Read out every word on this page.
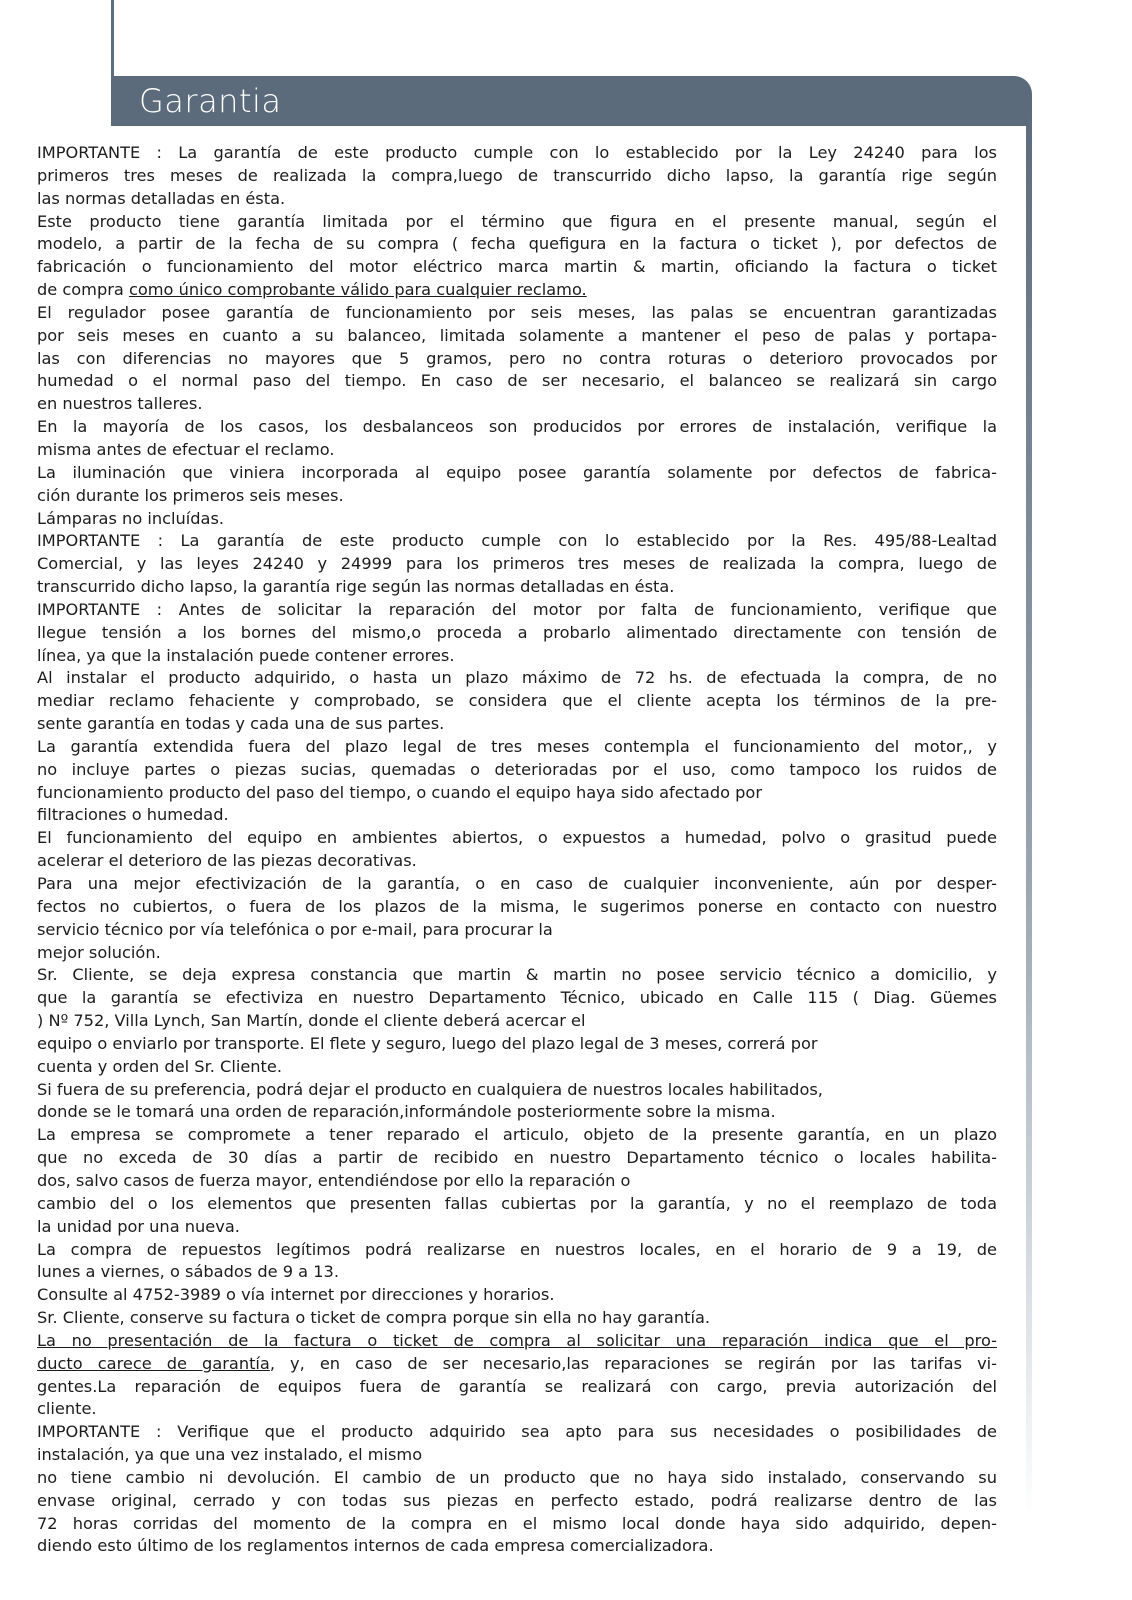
Garantia
IMPORTANTE : La garantía de este producto cumple con lo establecido por la Ley 24240 para los
primeros tres meses de realizada la compra,luego de transcurrido dicho lapso, la garantía rige según
las normas detalladas en ésta.
Este producto tiene garantía limitada por el término que figura en el presente manual, según el
modelo, a partir de la fecha de su compra ( fecha quefigura en la factura o ticket ), por defectos de
fabricación o funcionamiento del motor eléctrico marca martin & martin, oficiando la factura o ticket
de compra como único comprobante válido para cualquier reclamo.
El regulador posee garantía de funcionamiento por seis meses, las palas se encuentran garantizadas
por seis meses en cuanto a su balanceo, limitada solamente a mantener el peso de palas y portapa-
las con diferencias no mayores que 5 gramos, pero no contra roturas o deterioro provocados por
humedad o el normal paso del tiempo. En caso de ser necesario, el balanceo se realizará sin cargo
en nuestros talleres.
En la mayoría de los casos, los desbalanceos son producidos por errores de instalación, verifique la
misma antes de efectuar el reclamo.
La iluminación que viniera incorporada al equipo posee garantía solamente por defectos de fabrica-
ción durante los primeros seis meses.
Lámparas no incluídas.
IMPORTANTE : La garantía de este producto cumple con lo establecido por la Res. 495/88-Lealtad
Comercial, y las leyes 24240 y 24999 para los primeros tres meses de realizada la compra, luego de
transcurrido dicho lapso, la garantía rige según las normas detalladas en ésta.
IMPORTANTE : Antes de solicitar la reparación del motor por falta de funcionamiento, verifique que
llegue tensión a los bornes del mismo,o proceda a probarlo alimentado directamente con tensión de
línea, ya que la instalación puede contener errores.
Al instalar el producto adquirido, o hasta un plazo máximo de 72 hs. de efectuada la compra, de no
mediar reclamo fehaciente y comprobado, se considera que el cliente acepta los términos de la pre-
sente garantía en todas y cada una de sus partes.
La garantía extendida fuera del plazo legal de tres meses contempla el funcionamiento del motor,, y
no incluye partes o piezas sucias, quemadas o deterioradas por el uso, como tampoco los ruidos de
funcionamiento producto del paso del tiempo, o cuando el equipo haya sido afectado por
filtraciones o humedad.
El funcionamiento del equipo en ambientes abiertos, o expuestos a humedad, polvo o grasitud puede
acelerar el deterioro de las piezas decorativas.
Para una mejor efectivización de la garantía, o en caso de cualquier inconveniente, aún por desper-
fectos no cubiertos, o fuera de los plazos de la misma, le sugerimos ponerse en contacto con nuestro
servicio técnico por vía telefónica o por e-mail, para procurar la
mejor solución.
Sr. Cliente, se deja expresa constancia que martin & martin no posee servicio técnico a domicilio, y
que la garantía se efectiviza en nuestro Departamento Técnico, ubicado en Calle 115 ( Diag. Güemes
) Nº 752, Villa Lynch, San Martín, donde el cliente deberá acercar el
equipo o enviarlo por transporte. El flete y seguro, luego del plazo legal de 3 meses, correrá por
cuenta y orden del Sr. Cliente.
Si fuera de su preferencia, podrá dejar el producto en cualquiera de nuestros locales habilitados,
donde se le tomará una orden de reparación,informándole posteriormente sobre la misma.
La empresa se compromete a tener reparado el articulo, objeto de la presente garantía, en un plazo
que no exceda de 30 días a partir de recibido en nuestro Departamento técnico o locales habilita-
dos, salvo casos de fuerza mayor, entendiéndose por ello la reparación o
cambio del o los elementos que presenten fallas cubiertas por la garantía, y no el reemplazo de toda
la unidad por una nueva.
La compra de repuestos legítimos podrá realizarse en nuestros locales, en el horario de 9 a 19, de
lunes a viernes, o sábados de 9 a 13.
Consulte al 4752-3989 o vía internet por direcciones y horarios.
Sr. Cliente, conserve su factura o ticket de compra porque sin ella no hay garantía.
La no presentación de la factura o ticket de compra al solicitar una reparación indica que el pro-
ducto carece de garantía, y, en caso de ser necesario,las reparaciones se regirán por las tarifas vi-
gentes.La reparación de equipos fuera de garantía se realizará con cargo, previa autorización del
cliente.
IMPORTANTE : Verifique que el producto adquirido sea apto para sus necesidades o posibilidades de
instalación, ya que una vez instalado, el mismo
no tiene cambio ni devolución. El cambio de un producto que no haya sido instalado, conservando su
envase original, cerrado y con todas sus piezas en perfecto estado, podrá realizarse dentro de las
72 horas corridas del momento de la compra en el mismo local donde haya sido adquirido, depen-
diendo esto último de los reglamentos internos de cada empresa comercializadora.
